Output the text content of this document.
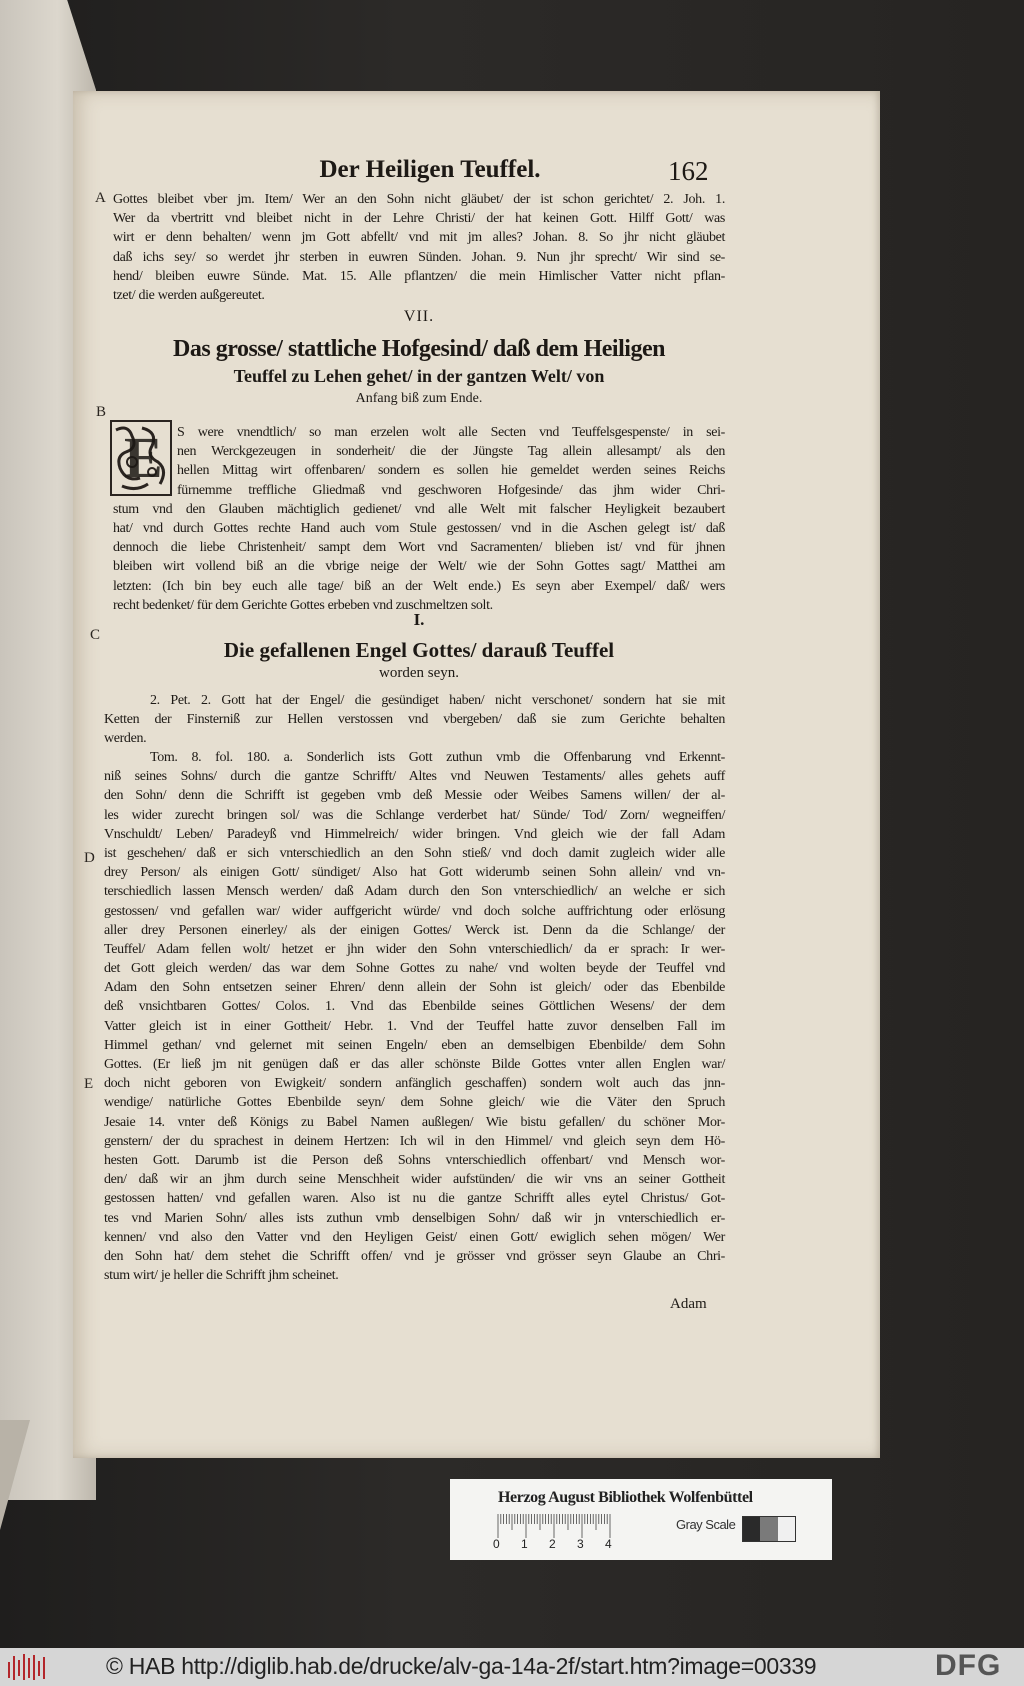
Der Heiligen Teuffel.	162
A
B
C
D
E
Gottes bleibet vber jm. Item/ Wer an den Sohn nicht gläubet/ der ist schon gerichtet/ 2. Joh. 1.
Wer da vbertritt vnd bleibet nicht in der Lehre Christi/ der hat keinen Gott. Hilff Gott/ was
wirt er denn behalten/ wenn jm Gott abfellt/ vnd mit jm alles? Johan. 8. So jhr nicht gläubet
daß ichs sey/ so werdet jhr sterben in euwren Sünden. Johan. 9. Nun jhr sprecht/ Wir sind se-
hend/ bleiben euwre Sünde. Mat. 15. Alle pflantzen/ die mein Himlischer Vatter nicht pflan-
tzet/ die werden außgereutet.
VII.
Das grosse/ stattliche Hofgesind/ daß dem Heiligen
Teuffel zu Lehen gehet/ in der gantzen Welt/ von
Anfang biß zum Ende.
E	S were vnendtlich/ so man erzelen wolt alle Secten vnd Teuffelsgespenste/ in sei-
nen Werckgezeugen in sonderheit/ die der Jüngste Tag allein allesampt/ als den
hellen Mittag wirt offenbaren/ sondern es sollen hie gemeldet werden seines Reichs
fürnemme treffliche Gliedmaß vnd geschworen Hofgesinde/ das jhm wider Chri-
stum vnd den Glauben mächtiglich gedienet/ vnd alle Welt mit falscher Heyligkeit bezaubert
hat/ vnd durch Gottes rechte Hand auch vom Stule gestossen/ vnd in die Aschen gelegt ist/ daß
dennoch die liebe Christenheit/ sampt dem Wort vnd Sacramenten/ blieben ist/ vnd für jhnen
bleiben wirt vollend biß an die vbrige neige der Welt/ wie der Sohn Gottes sagt/ Matthei am
letzten: (Ich bin bey euch alle tage/ biß an der Welt ende.) Es seyn aber Exempel/ daß/ wers
recht bedenket/ für dem Gerichte Gottes erbeben vnd zuschmeltzen solt.
I.
Die gefallenen Engel Gottes/ darauß Teuffel
worden seyn.
2. Pet. 2. Gott hat der Engel/ die gesündiget haben/ nicht verschonet/ sondern hat sie mit
Ketten der Finsterniß zur Hellen verstossen vnd vbergeben/ daß sie zum Gerichte behalten
werden.
Tom. 8. fol. 180. a. Sonderlich ists Gott zuthun vmb die Offenbarung vnd Erkennt-
niß seines Sohns/ durch die gantze Schrifft/ Altes vnd Neuwen Testaments/ alles gehets auff
den Sohn/ denn die Schrifft ist gegeben vmb deß Messie oder Weibes Samens willen/ der al-
les wider zurecht bringen sol/ was die Schlange verderbet hat/ Sünde/ Tod/ Zorn/ wegneiffen/
Vnschuldt/ Leben/ Paradeyß vnd Himmelreich/ wider bringen. Vnd gleich wie der fall Adam
ist geschehen/ daß er sich vnterschiedlich an den Sohn stieß/ vnd doch damit zugleich wider alle
drey Person/ als einigen Gott/ sündiget/ Also hat Gott widerumb seinen Sohn allein/ vnd vn-
terschiedlich lassen Mensch werden/ daß Adam durch den Son vnterschiedlich/ an welche er sich
gestossen/ vnd gefallen war/ wider auffgericht würde/ vnd doch solche auffrichtung oder erlösung
aller drey Personen einerley/ als der einigen Gottes/ Werck ist. Denn da die Schlange/ der
Teuffel/ Adam fellen wolt/ hetzet er jhn wider den Sohn vnterschiedlich/ da er sprach: Ir wer-
det Gott gleich werden/ das war dem Sohne Gottes zu nahe/ vnd wolten beyde der Teuffel vnd
Adam den Sohn entsetzen seiner Ehren/ denn allein der Sohn ist gleich/ oder das Ebenbilde
deß vnsichtbaren Gottes/ Colos. 1. Vnd das Ebenbilde seines Göttlichen Wesens/ der dem
Vatter gleich ist in einer Gottheit/ Hebr. 1. Vnd der Teuffel hatte zuvor denselben Fall im
Himmel gethan/ vnd gelernet mit seinen Engeln/ eben an demselbigen Ebenbilde/ dem Sohn
Gottes. (Er ließ jm nit genügen daß er das aller schönste Bilde Gottes vnter allen Englen war/
doch nicht geboren von Ewigkeit/ sondern anfänglich geschaffen) sondern wolt auch das jnn-
wendige/ natürliche Gottes Ebenbilde seyn/ dem Sohne gleich/ wie die Väter den Spruch
Jesaie 14. vnter deß Königs zu Babel Namen außlegen/ Wie bistu gefallen/ du schöner Mor-
genstern/ der du sprachest in deinem Hertzen: Ich wil in den Himmel/ vnd gleich seyn dem Hö-
hesten Gott. Darumb ist die Person deß Sohns vnterschiedlich offenbart/ vnd Mensch wor-
den/ daß wir an jhm durch seine Menschheit wider aufstünden/ die wir vns an seiner Gottheit
gestossen hatten/ vnd gefallen waren. Also ist nu die gantze Schrifft alles eytel Christus/ Got-
tes vnd Marien Sohn/ alles ists zuthun vmb denselbigen Sohn/ daß wir jn vnterschiedlich er-
kennen/ vnd also den Vatter vnd den Heyligen Geist/ einen Gott/ ewiglich sehen mögen/ Wer
den Sohn hat/ dem stehet die Schrifft offen/ vnd je grösser vnd grösser seyn Glaube an Chri-
stum wirt/ je heller die Schrifft jhm scheinet.
Adam
Herzog August Bibliothek Wolfenbüttel
0 1 2 3 4
Gray Scale
© HAB http://diglib.hab.de/drucke/alv-ga-14a-2f/start.htm?image=00339	DFG
